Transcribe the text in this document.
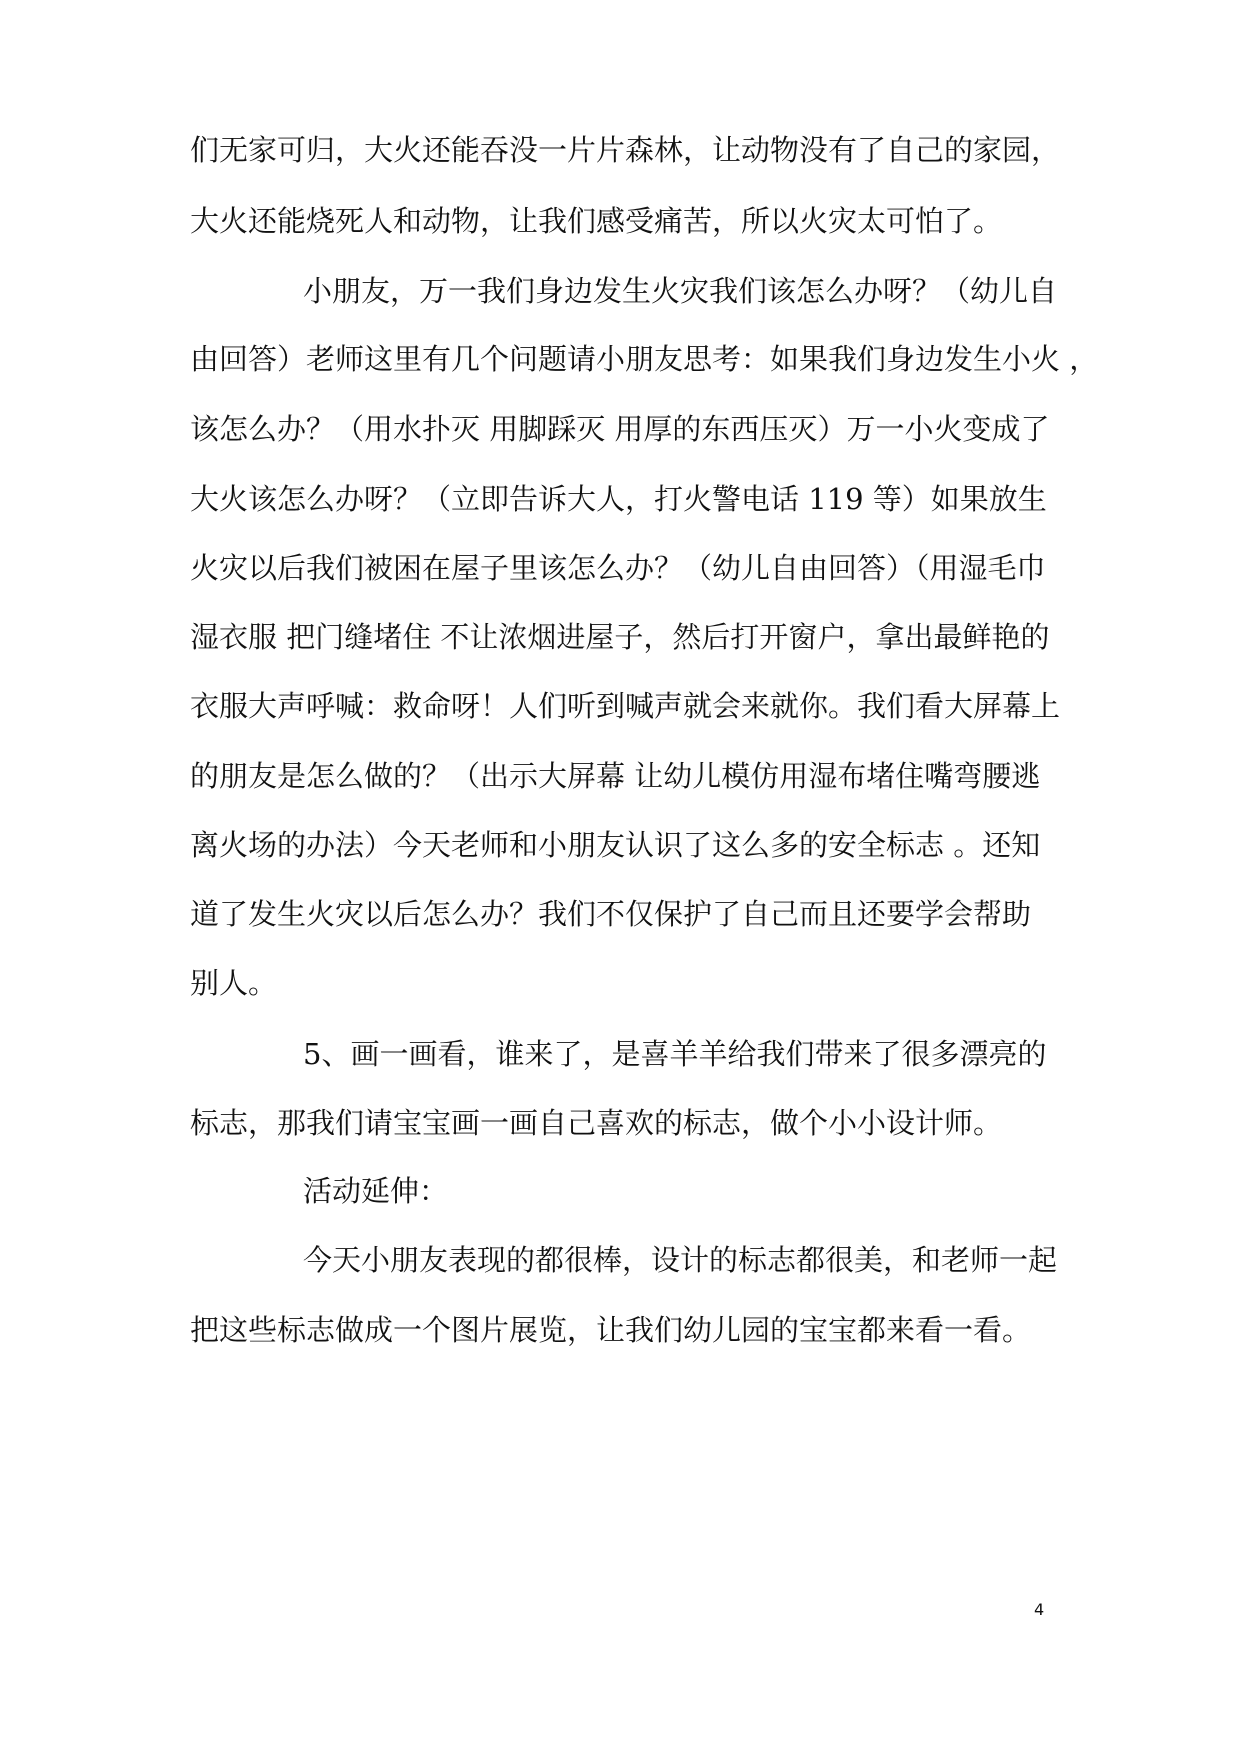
们无家可归，大火还能吞没一片片森林，让动物没有了自己的家园，
大火还能烧死人和动物，让我们感受痛苦，所以火灾太可怕了。
小朋友，万一我们身边发生火灾我们该怎么办呀？（幼儿自
由回答）老师这里有几个问题请小朋友思考：如果我们身边发生小火 ，
该怎么办？（用水扑灭 用脚踩灭 用厚的东西压灭）万一小火变成了
大火该怎么办呀？（立即告诉大人，打火警电话 119 等）如果放生
火灾以后我们被困在屋子里该怎么办？（幼儿自由回答）（用湿毛巾
湿衣服 把门缝堵住 不让浓烟进屋子，然后打开窗户，拿出最鲜艳的
衣服大声呼喊：救命呀！人们听到喊声就会来就你。我们看大屏幕上
的朋友是怎么做的？（出示大屏幕 让幼儿模仿用湿布堵住嘴弯腰逃
离火场的办法）今天老师和小朋友认识了这么多的安全标志 。还知
道了发生火灾以后怎么办？我们不仅保护了自己而且还要学会帮助
别人。
5、画一画看，谁来了，是喜羊羊给我们带来了很多漂亮的
标志，那我们请宝宝画一画自己喜欢的标志，做个小小设计师。
活动延伸：
今天小朋友表现的都很棒，设计的标志都很美，和老师一起
把这些标志做成一个图片展览，让我们幼儿园的宝宝都来看一看。
4
